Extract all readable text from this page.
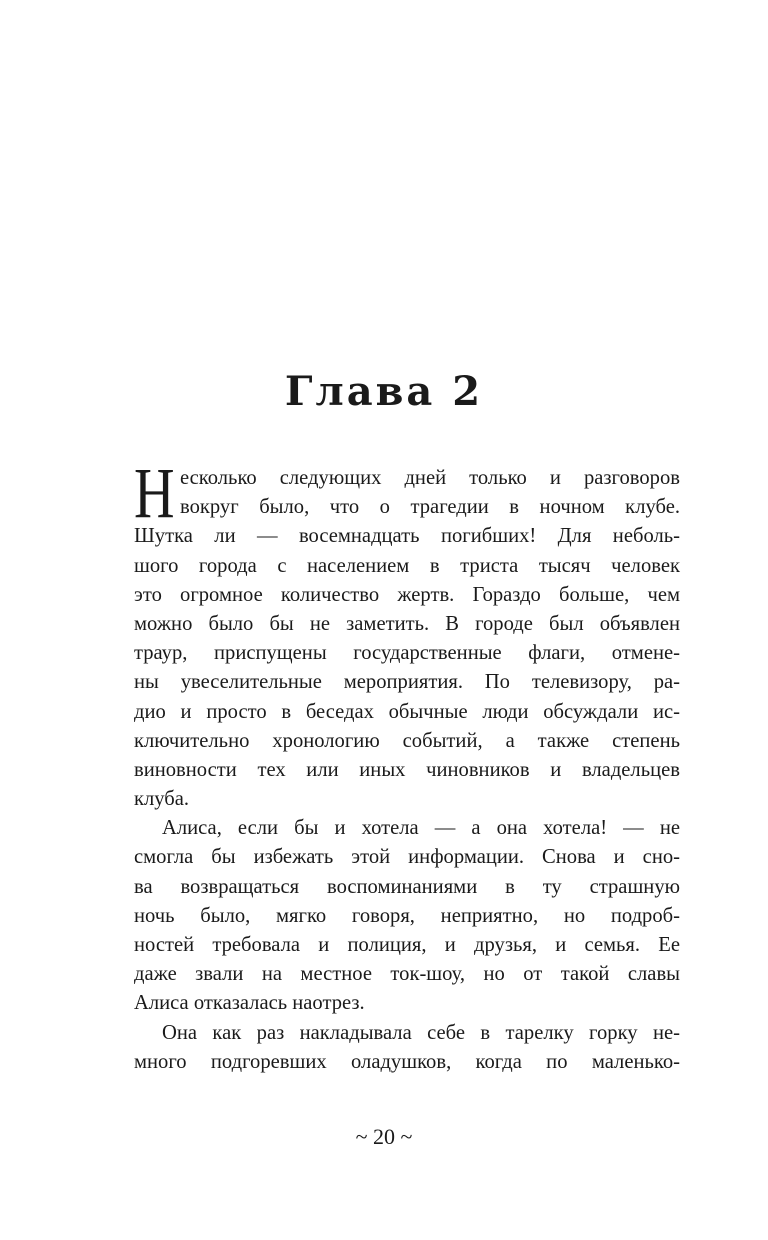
Глава 2
Н есколько следующих дней только и разговоров
вокруг было, что о трагедии в ночном клубе.
Шутка ли — восемнадцать погибших! Для неболь-
шого города с населением в триста тысяч человек
это огромное количество жертв. Гораздо больше, чем
можно было бы не заметить. В городе был объявлен
траур, приспущены государственные флаги, отмене-
ны увеселительные мероприятия. По телевизору, ра-
дио и просто в беседах обычные люди обсуждали ис-
ключительно хронологию событий, а также степень
виновности тех или иных чиновников и владельцев
клуба.
Алиса, если бы и хотела — а она хотела! — не
смогла бы избежать этой информации. Снова и сно-
ва возвращаться воспоминаниями в ту страшную
ночь было, мягко говоря, неприятно, но подроб-
ностей требовала и полиция, и друзья, и семья. Ее
даже звали на местное ток-шоу, но от такой славы
Алиса отказалась наотрез.
Она как раз накладывала себе в тарелку горку не-
много подгоревших оладушков, когда по маленько-
~ 20 ~
